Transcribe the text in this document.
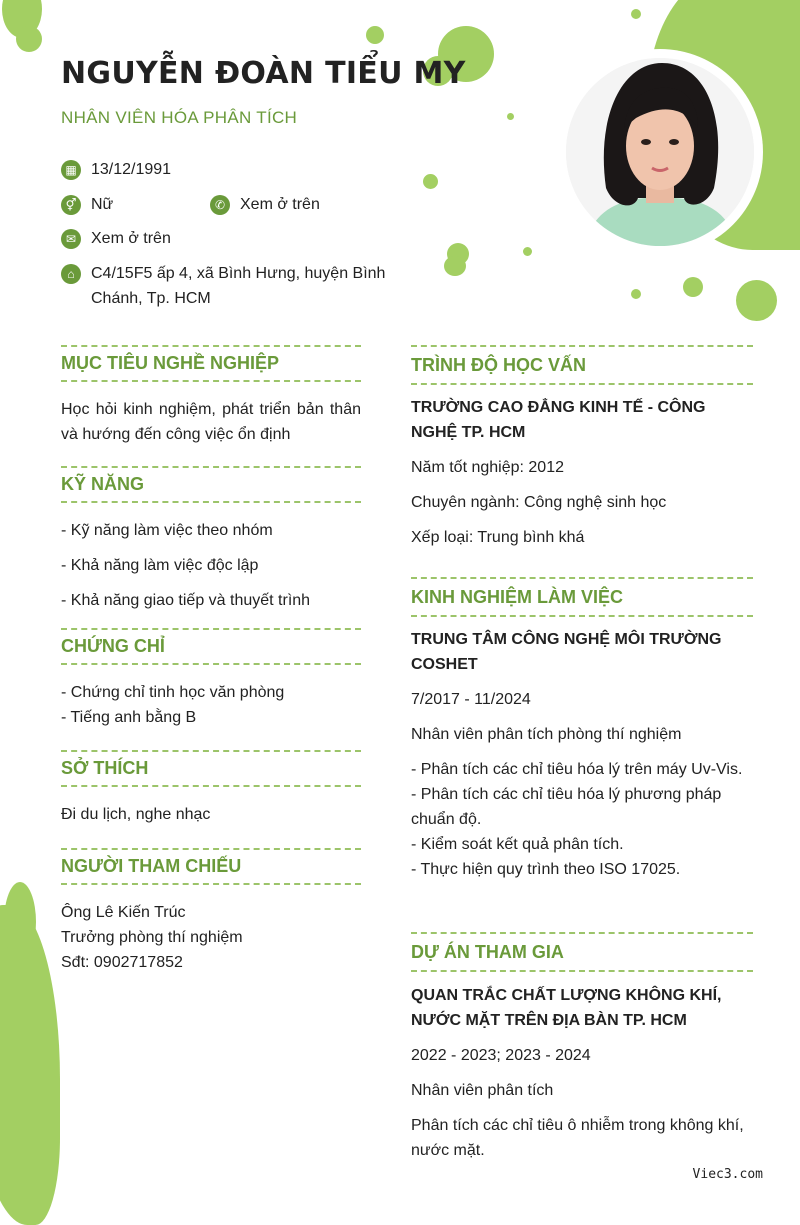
NGUYỄN ĐOÀN TIỂU MY
NHÂN VIÊN HÓA PHÂN TÍCH
▦ 13/12/1991
⚥ Nữ	✆ Xem ở trên
✉ Xem ở trên
⌂	C4/15F5 ấp 4, xã Bình Hưng, huyện Bình Chánh, Tp. HCM
MỤC TIÊU NGHỀ NGHIỆP
Học hỏi kinh nghiệm, phát triển bản thân và hướng đến công việc ổn định
KỸ NĂNG
- Kỹ năng làm việc theo nhóm
- Khả năng làm việc độc lập
- Khả năng giao tiếp và thuyết trình
CHỨNG CHỈ
- Chứng chỉ tinh học văn phòng
- Tiếng anh bằng B
SỞ THÍCH
Đi du lịch, nghe nhạc
NGƯỜI THAM CHIẾU
Ông Lê Kiến Trúc
Trưởng phòng thí nghiệm
Sđt: 0902717852
TRÌNH ĐỘ HỌC VẤN
TRƯỜNG CAO ĐẲNG KINH TẾ - CÔNG NGHỆ TP. HCM
Năm tốt nghiệp: 2012
Chuyên ngành: Công nghệ sinh học
Xếp loại: Trung bình khá
KINH NGHIỆM LÀM VIỆC
TRUNG TÂM CÔNG NGHỆ MÔI TRƯỜNG COSHET
7/2017 - 11/2024
Nhân viên phân tích phòng thí nghiệm
- Phân tích các chỉ tiêu hóa lý trên máy Uv-Vis.
- Phân tích các chỉ tiêu hóa lý phương pháp chuẩn độ.
- Kiểm soát kết quả phân tích.
- Thực hiện quy trình theo ISO 17025.
DỰ ÁN THAM GIA
QUAN TRẮC CHẤT LƯỢNG KHÔNG KHÍ, NƯỚC MẶT TRÊN ĐỊA BÀN TP. HCM
2022 - 2023; 2023 - 2024
Nhân viên phân tích
Phân tích các chỉ tiêu ô nhiễm trong không khí, nước mặt.
Viec3.com
